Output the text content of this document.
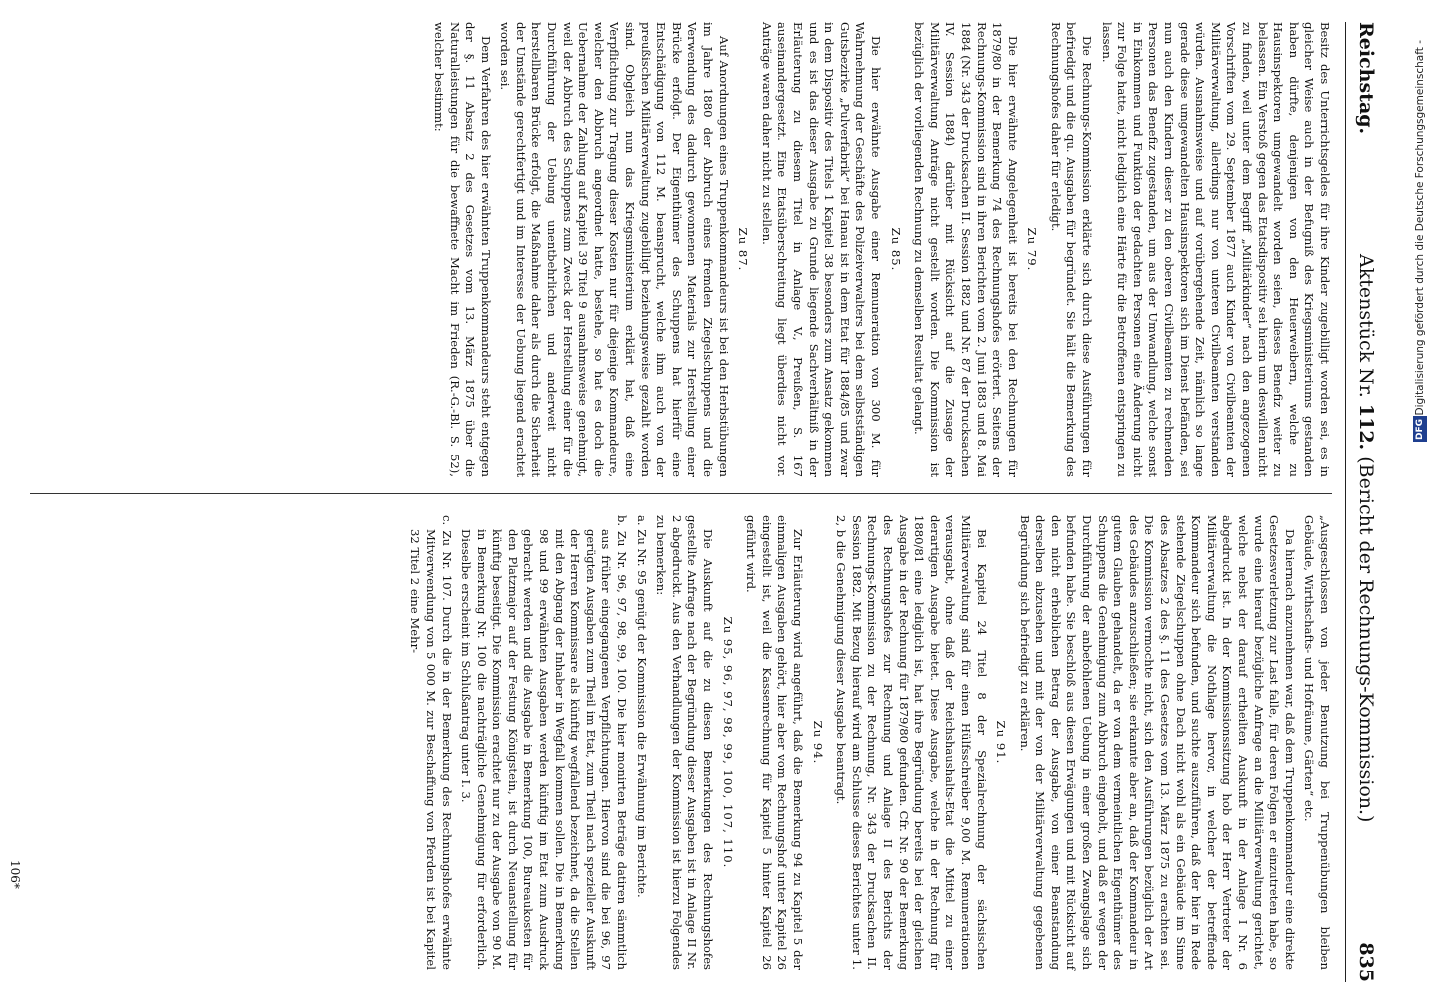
Reichstag.
Aktenstück Nr. 112. (Bericht der Rechnungs-Kommission.)
835

Besitz des Unterrichtsgeldes für ihre Kinder zugebilligt worden sei, es in gleicher Weise auch in der Befugniß des Kriegsministeriums gestanden haben dürfte, denjenigen von den Heuerweibern, welche zu Hausinspektoren umgewandelt worden seien, dieses Benefiz weiter zu belassen. Ein Verstoß gegen das Etatsdispositiv sei hierin um deswillen nicht zu finden, weil unter dem Begriff „Militärkinder“ nach den angezogenen Vorschriften vom 29. September 1877 auch Kinder von Civilbeamten der Militärverwaltung, allerdings nur von unteren Civilbeamten verstanden würden. Ausnahmsweise und auf vorübergehende Zeit, nämlich so lange gerade diese umgewandelten Hausinspektoren sich im Dienst befänden, sei nun auch den Kindern dieser zu den oberen Civilbeamten zu rechnenden Personen das Benefiz zugestanden, um aus der Umwandlung, welche sonst in Einkommen und Funktion der gedachten Personen eine Änderung nicht zur Folge hatte, nicht lediglich eine Härte für die Betroffenen entspringen zu lassen.

Die Rechnungs-Kommission erklärte sich durch diese Ausführungen für befriedigt und die qu. Ausgaben für begründet. Sie hält die Bemerkung des Rechnungshofes daher für erledigt.

Zu 79.

Die hier erwähnte Angelegenheit ist bereits bei den Rechnungen für 1879/80 in der Bemerkung 74 des Rechnungshofes erörtert. Seitens der Rechnungs-Kommission sind in ihren Berichten vom 2. Juni 1883 und 8. Mai 1884 (Nr. 343 der Drucksachen II. Session 1882 und Nr. 87 der Drucksachen IV. Session 1884) darüber mit Rücksicht auf die Zusage der Militärverwaltung Anträge nicht gestellt worden. Die Kommission ist bezüglich der vorliegenden Rechnung zu demselben Resultat gelangt.

Zu 85.

Die hier erwähnte Ausgabe einer Remuneration von 300 M. für Wahrnehmung der Geschäfte des Polizeiverwalters bei dem selbstständigen Gutsbezirke „Pulverfabrik“ bei Hanau ist in dem Etat für 1884/85 und zwar in dem Dispositiv des Titels 1 Kapitel 38 besonders zum Ansatz gekommen und es ist das dieser Ausgabe zu Grunde liegende Sachverhältniß in der Erläuterung zu diesem Titel in Anlage V., Preußen, S. 167 auseinandergesetzt. Eine Etatsüberschreitung liegt überdies nicht vor. Anträge waren daher nicht zu stellen.

Zu 87.

Auf Anordnungen eines Truppenkommandeurs ist bei den Herbstübungen im Jahre 1880 der Abbruch eines fremden Ziegelschuppens und die Verwendung des dadurch gewonnenen Materials zur Herstellung einer Brücke erfolgt. Der Eigenthümer des Schuppens hat hierfür eine Entschädigung von 112 M. beansprucht, welche ihm auch von der preußischen Militärverwaltung zugebilligt beziehungsweise gezahlt worden sind. Obgleich nun das Kriegsministerium erklärt hat, daß eine Verpflichtung zur Tragung dieser Kosten nur für diejenige Kommandeure, welcher den Abbruch angeordnet hatte, bestehe, so hat es doch die Uebernahme der Zahlung auf Kapitel 39 Titel 9 ausnahmsweise genehmigt, weil der Abbruch des Schuppens zum Zweck der Herstellung einer für die Durchführung der Uebung unentbehrlichen und anderweit nicht herstellbaren Brücke erfolgt, die Maßnahme daher als durch die Sicherheit der Umstände gerechtfertigt und im Interesse der Uebung liegend erachtet worden sei.

Dem Verfahren des hier erwähnten Truppenkommandeurs steht entgegen der §. 11 Absatz 2 des Gesetzes vom 13. März 1875 über die Naturalleistungen für die bewaffnete Macht im Frieden (R.-G.-Bl. S. 52), welcher bestimmt:

„Ausgeschlossen von jeder Benutzung bei Truppenübungen bleiben Gebäude, Wirthschafts- und Hofräume, Gärten“ etc.

Da hiernach anzunehmen war, daß dem Truppenkommandeur eine direkte Gesetzesverletzung zur Last falle, für deren Folgen er einzutreten habe, so wurde eine hierauf bezügliche Anfrage an die Militärverwaltung gerichtet, welche nebst der darauf ertheilten Auskunft in der Anlage I Nr. 6 abgedruckt ist. In der Kommissionssitzung hob der Herr Vertreter der Militärverwaltung die Nothlage hervor, in welcher der betreffende Kommandeur sich befunden, und suchte auszuführen, daß der hier in Rede stehende Ziegelschuppen ohne Dach nicht wohl als ein Gebäude im Sinne des Absatzes 2 des §. 11 des Gesetzes vom 13. März 1875 zu erachten sei. Die Kommission vermochte nicht, sich den Ausführungen bezüglich der Art des Gebäudes anzuschließen; sie erkannte aber an, daß der Kommandeur in gutem Glauben gehandelt, da er von dem vermeintlichen Eigenthümer des Schuppens die Genehmigung zum Abbruch eingeholt, und daß er wegen der Durchführung der anbefohlenen Uebung in einer großen Zwangslage sich befunden habe. Sie beschloß aus diesen Erwägungen und mit Rücksicht auf den nicht erheblichen Betrag der Ausgabe, von einer Beanstandung derselben abzusehen und mit der von der Militärverwaltung gegebenen Begründung sich befriedigt zu erklären.

Zu 91.

Bei Kapitel 24 Titel 8 der Spezialrechnung der sächsischen Militärverwaltung sind für einen Hülfsschreiber 9,00 M. Remunerationen verausgabt, ohne daß der Reichshaushalts-Etat die Mittel zu einer derartigen Ausgabe bietet. Diese Ausgabe, welche in der Rechnung für 1880/81 eine lediglich ist, hat ihre Begründung bereits bei der gleichen Ausgabe in der Rechnung für 1879/80 gefunden. Cfr. Nr. 90 der Bemerkung des Rechnungshofes zur Rechnung und Anlage II des Berichts der Rechnungs-Kommission zu der Rechnung, Nr. 343 der Drucksachen II. Session 1882. Mit Bezug hierauf wird am Schlusse dieses Berichtes unter 1. 2, b die Genehmigung dieser Ausgabe beantragt.

Zu 94.

Zur Erläuterung wird angeführt, daß die Bemerkung 94 zu Kapitel 5 der einmaligen Ausgaben gehört, hier aber vom Rechnungshof unter Kapitel 26 eingestellt ist, weil die Kassenrechnung für Kapitel 5 hinter Kapitel 26 geführt wird.

Zu 95, 96, 97, 98, 99, 100, 107, 110.

Die Auskunft auf die zu diesen Bemerkungen des Rechnungshofes gestellte Anfrage nach der Begründung dieser Ausgaben ist in Anlage II Nr. 2 abgedruckt. Aus den Verhandlungen der Kommission ist hierzu Folgendes zu bemerken:

a. Zu Nr. 95 genügt der Kommission die Erwähnung im Berichte.

b. Zu Nr. 96, 97, 98, 99, 100. Die hier monirten Beträge datiren sämmtlich aus früher eingegangenen Verpflichtungen. Hiervon sind die bei 96, 97 gerügten Ausgaben zum Theil im Etat, zum Theil nach spezieller Auskunft der Herren Kommissare als künftig wegfallend bezeichnet, da die Stellen mit den Abgang der Inhaber in Wegfall kommen sollen. Die in Bemerkung 98 und 99 erwähnten Ausgaben werden künftig im Etat zum Ausdruck gebracht werden und die Ausgabe in Bemerkung 100, Bureaukosten für den Platzmajor auf der Festung Königstein, ist durch Neuanstellung für künftig beseitigt. Die Kommission erachtet nur zu der Ausgabe von 90 M. in Bemerkung Nr. 100 die nachträgliche Genehmigung für erforderlich. Dieselbe erscheint im Schlußantrag unter I. 3.

c. Zu Nr. 107. Durch die in der Bemerkung des Rechnungshofes erwähnte Mitverwendung von 5 000 M. zur Beschaffung von Pferden ist bei Kapitel 32 Titel 2 eine Mehr-

106*
Digitalisierung gefördert durch die Deutsche Forschungsgemeinschaft -
DFG
